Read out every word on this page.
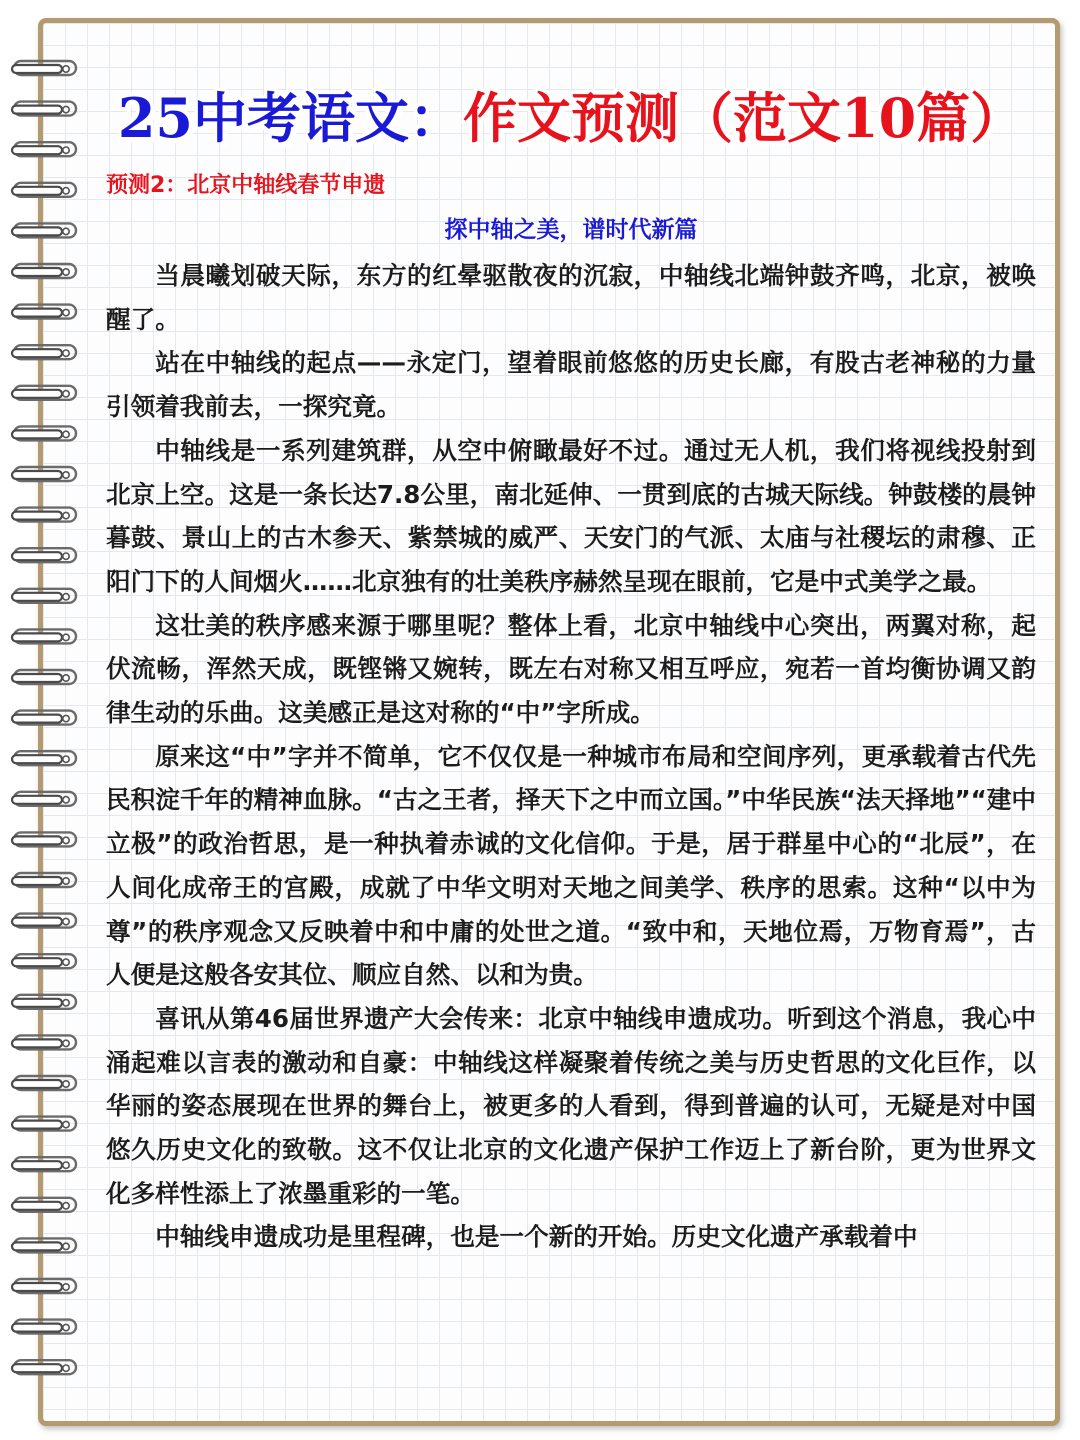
25中考语文：作文预测（范文10篇）
预测2：北京中轴线春节申遗
探中轴之美，谱时代新篇

当晨曦划破天际，东方的红晕驱散夜的沉寂，中轴线北端钟鼓齐鸣，北京，被唤醒了。

站在中轴线的起点——永定门，望着眼前悠悠的历史长廊，有股古老神秘的力量引领着我前去，一探究竟。

中轴线是一系列建筑群，从空中俯瞰最好不过。通过无人机，我们将视线投射到北京上空。这是一条长达7.8公里，南北延伸、一贯到底的古城天际线。钟鼓楼的晨钟暮鼓、景山上的古木参天、紫禁城的威严、天安门的气派、太庙与社稷坛的肃穆、正阳门下的人间烟火……北京独有的壮美秩序赫然呈现在眼前，它是中式美学之最。

这壮美的秩序感来源于哪里呢？整体上看，北京中轴线中心突出，两翼对称，起伏流畅，浑然天成，既铿锵又婉转，既左右对称又相互呼应，宛若一首均衡协调又韵律生动的乐曲。这美感正是这对称的“中”字所成。

原来这“中”字并不简单，它不仅仅是一种城市布局和空间序列，更承载着古代先民积淀千年的精神血脉。“古之王者，择天下之中而立国。”中华民族“法天择地”“建中立极”的政治哲思，是一种执着赤诚的文化信仰。于是，居于群星中心的“北辰”，在人间化成帝王的宫殿，成就了中华文明对天地之间美学、秩序的思索。这种“以中为尊”的秩序观念又反映着中和中庸的处世之道。“致中和，天地位焉，万物育焉”，古人便是这般各安其位、顺应自然、以和为贵。

喜讯从第46届世界遗产大会传来：北京中轴线申遗成功。听到这个消息，我心中涌起难以言表的激动和自豪：中轴线这样凝聚着传统之美与历史哲思的文化巨作，以华丽的姿态展现在世界的舞台上，被更多的人看到，得到普遍的认可，无疑是对中国悠久历史文化的致敬。这不仅让北京的文化遗产保护工作迈上了新台阶，更为世界文化多样性添上了浓墨重彩的一笔。

中轴线申遗成功是里程碑，也是一个新的开始。历史文化遗产承载着中
